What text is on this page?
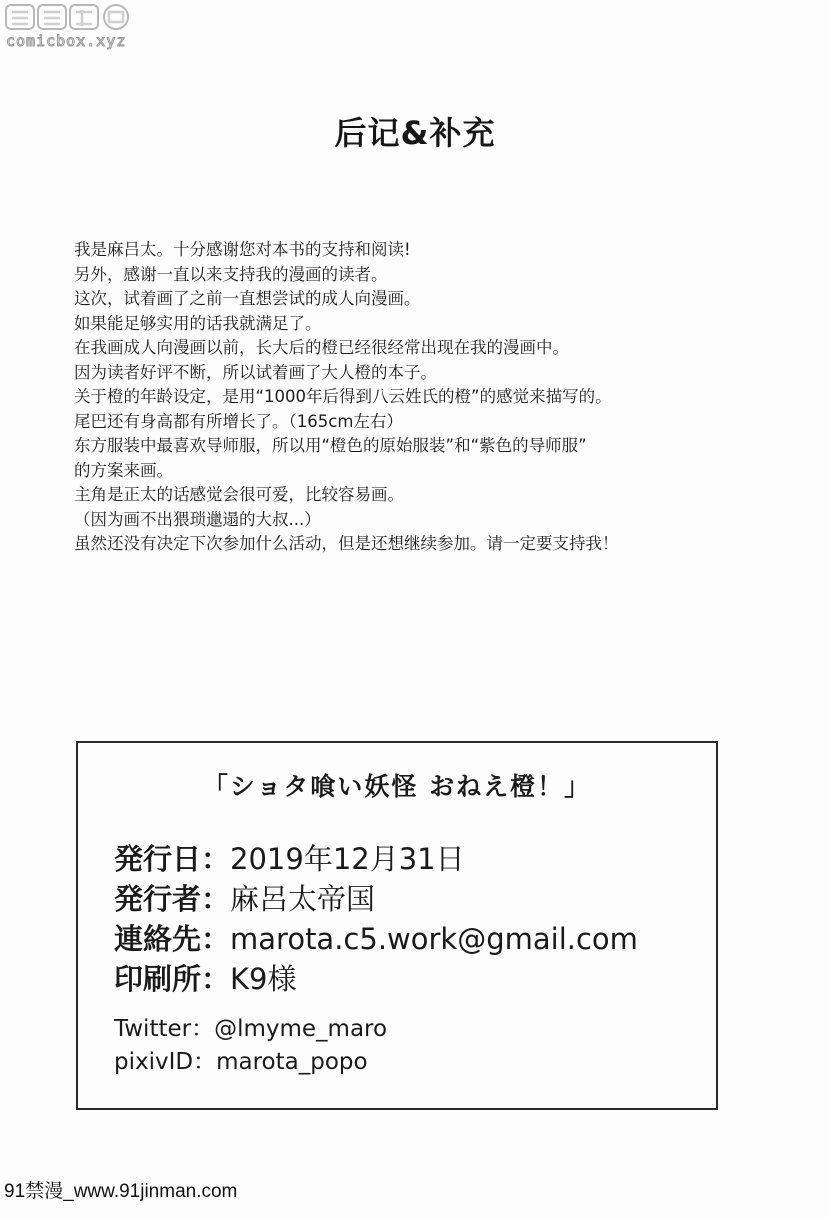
comicbox.xyz
后记&补充
我是麻吕太。十分感谢您对本书的支持和阅读!
另外，感谢一直以来支持我的漫画的读者。
这次，试着画了之前一直想尝试的成人向漫画。
如果能足够实用的话我就满足了。
在我画成人向漫画以前，长大后的橙已经很经常出现在我的漫画中。
因为读者好评不断，所以试着画了大人橙的本子。
关于橙的年龄设定，是用“1000年后得到八云姓氏的橙”的感觉来描写的。
尾巴还有身高都有所增长了。（165cm左右）
东方服装中最喜欢导师服，所以用“橙色的原始服装”和“紫色的导师服”
的方案来画。
主角是正太的话感觉会很可爱，比较容易画。
（因为画不出猥琐邋遢的大叔...）
虽然还没有决定下次参加什么活动，但是还想继续参加。请一定要支持我！
「ショタ喰い妖怪 おねえ橙！」
発行日：2019年12月31日
発行者：麻呂太帝国
連絡先：marota.c5.work@gmail.com
印刷所：K9様
Twitter：@lmyme_maro
pixivID：marota_popo
91禁漫_www.91jinman.com
